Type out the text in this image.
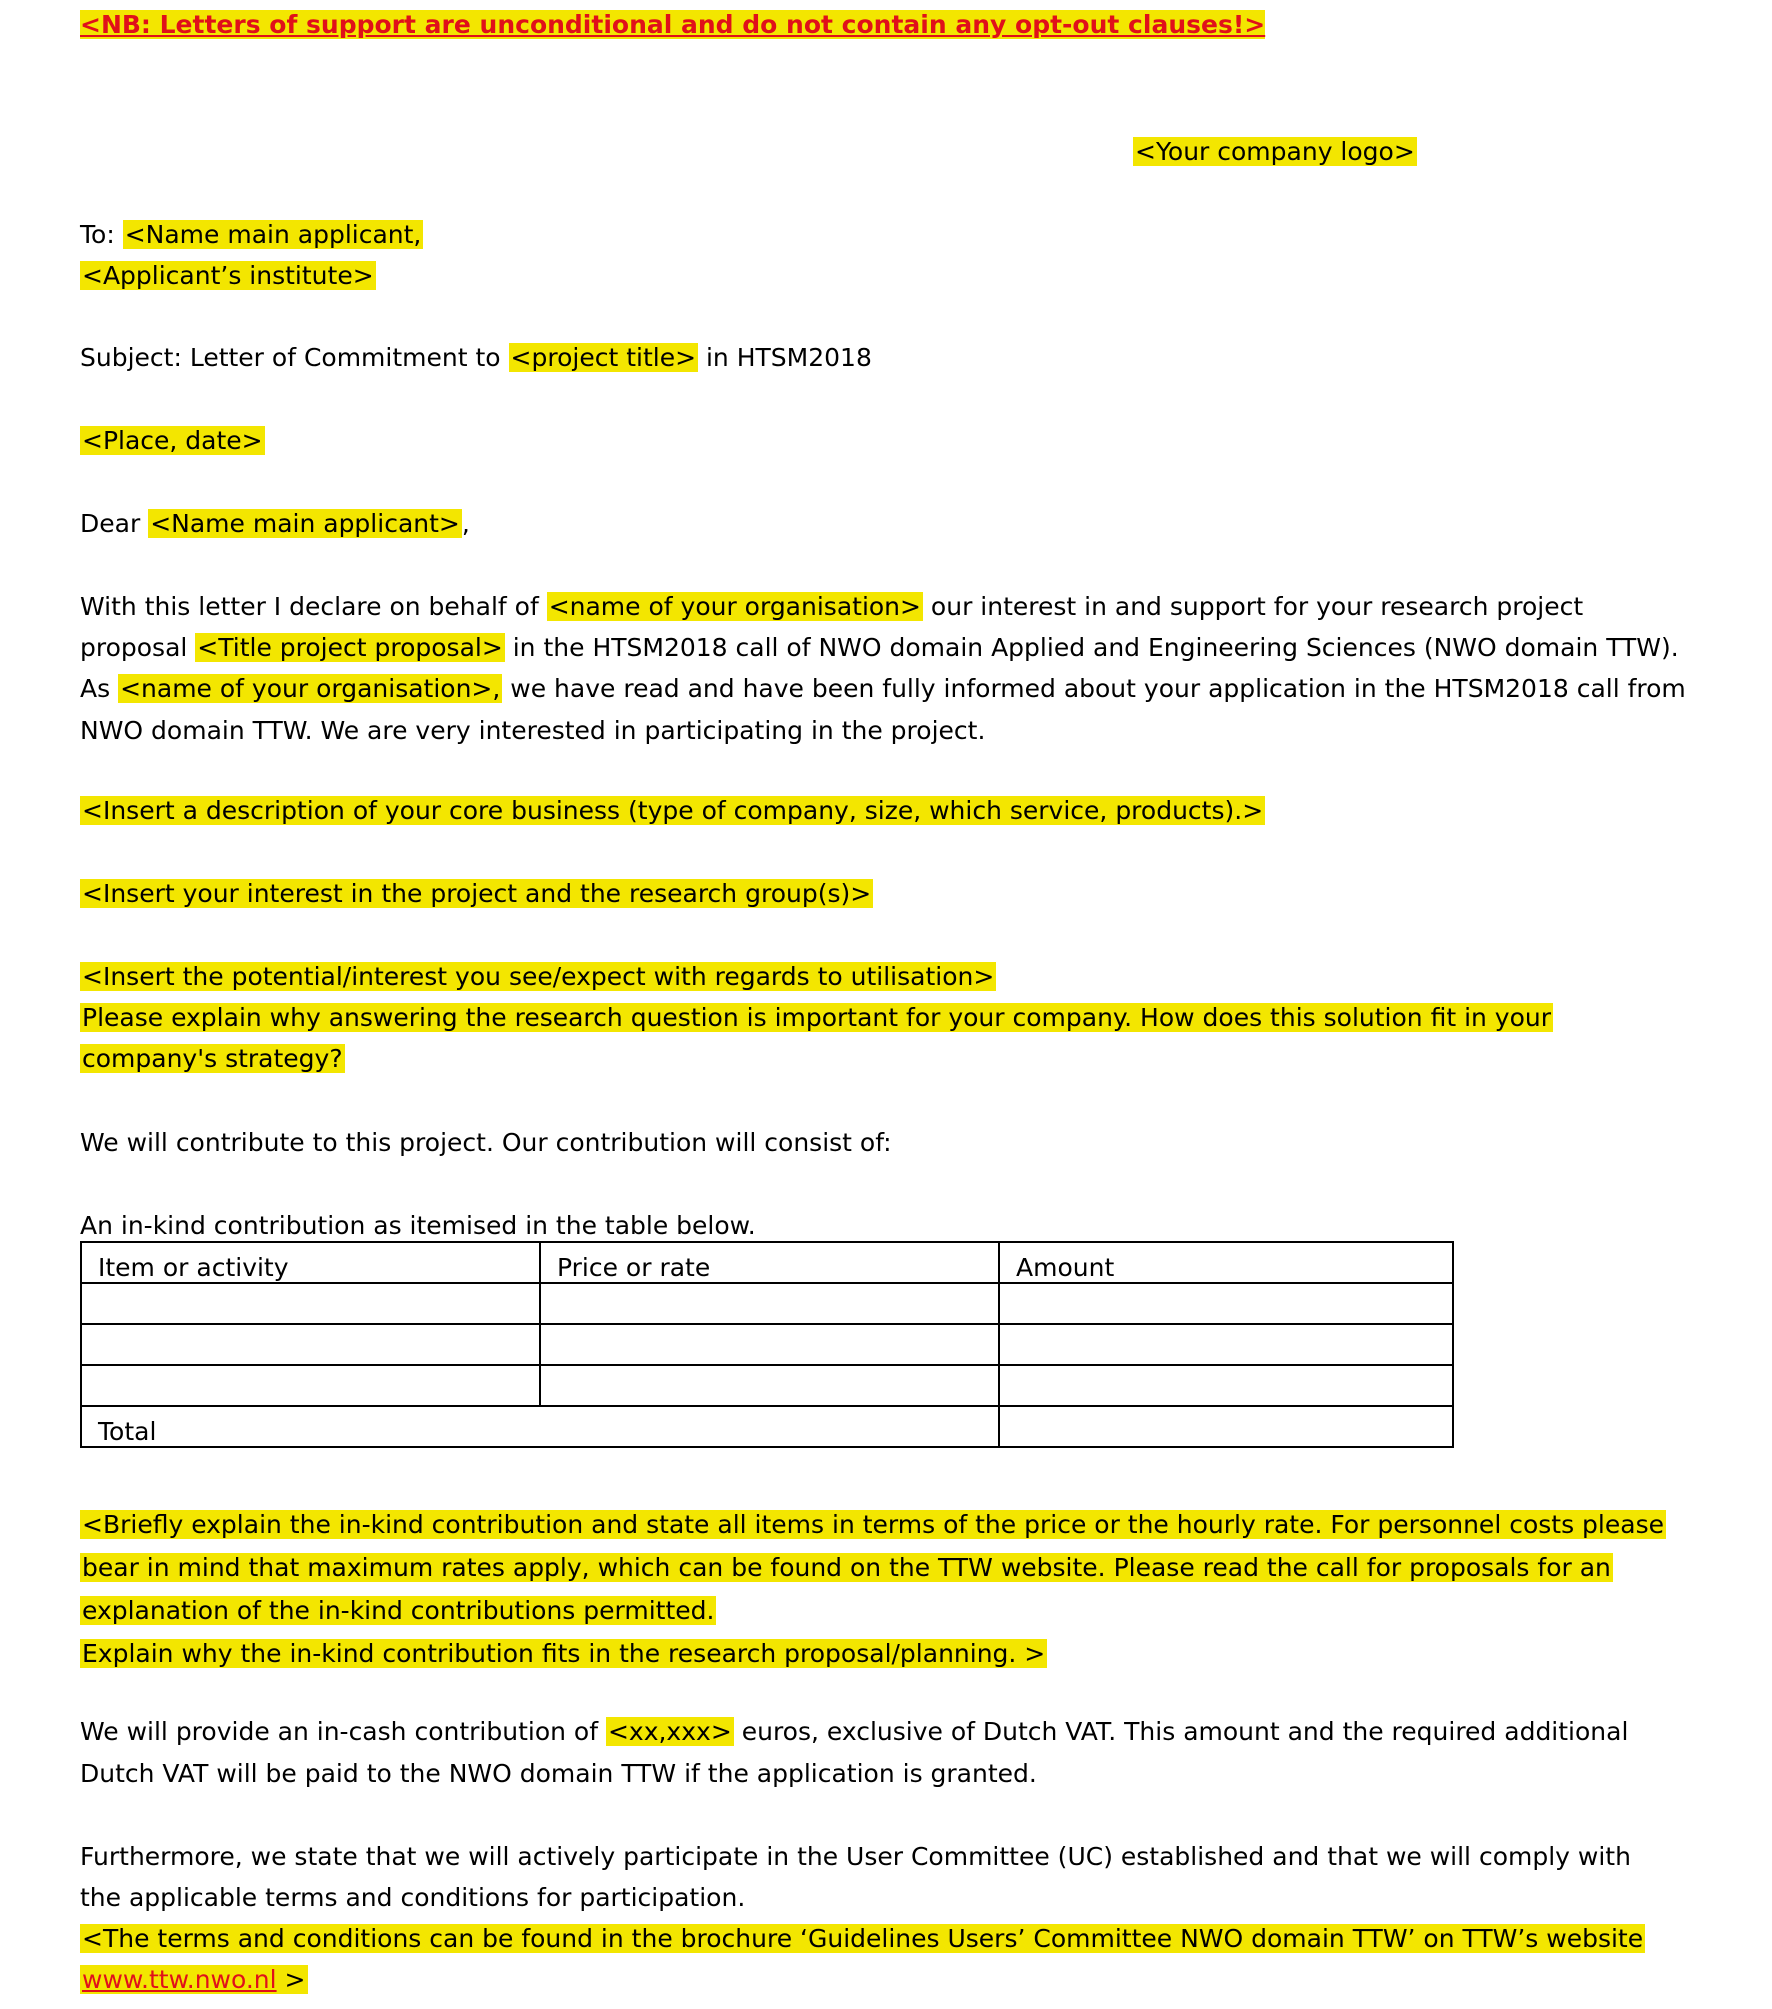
<NB: Letters of support are unconditional and do not contain any opt-out clauses!>
<Your company logo>
To: <Name main applicant,
<Applicant’s institute>
Subject: Letter of Commitment to <project title> in HTSM2018
<Place, date>
Dear <Name main applicant>,
With this letter I declare on behalf of <name of your organisation> our interest in and support for your research project
proposal <Title project proposal> in the HTSM2018 call of NWO domain Applied and Engineering Sciences (NWO domain TTW).
As <name of your organisation>, we have read and have been fully informed about your application in the HTSM2018 call from
NWO domain TTW. We are very interested in participating in the project.
<Insert a description of your core business (type of company, size, which service, products).>
<Insert your interest in the project and the research group(s)>
<Insert the potential/interest you see/expect with regards to utilisation>
Please explain why answering the research question is important for your company. How does this solution fit in your
company's strategy?
We will contribute to this project. Our contribution will consist of:
An in-kind contribution as itemised in the table below.
Item or activity	Price or rate	Amount

Total		
<Briefly explain the in-kind contribution and state all items in terms of the price or the hourly rate. For personnel costs please
bear in mind that maximum rates apply, which can be found on the TTW website. Please read the call for proposals for an
explanation of the in-kind contributions permitted.
Explain why the in-kind contribution fits in the research proposal/planning. >
We will provide an in-cash contribution of <xx,xxx> euros, exclusive of Dutch VAT. This amount and the required additional
Dutch VAT will be paid to the NWO domain TTW if the application is granted.
Furthermore, we state that we will actively participate in the User Committee (UC) established and that we will comply with
the applicable terms and conditions for participation.
<The terms and conditions can be found in the brochure ‘Guidelines Users’ Committee NWO domain TTW’ on TTW’s website
www.ttw.nwo.nl >
